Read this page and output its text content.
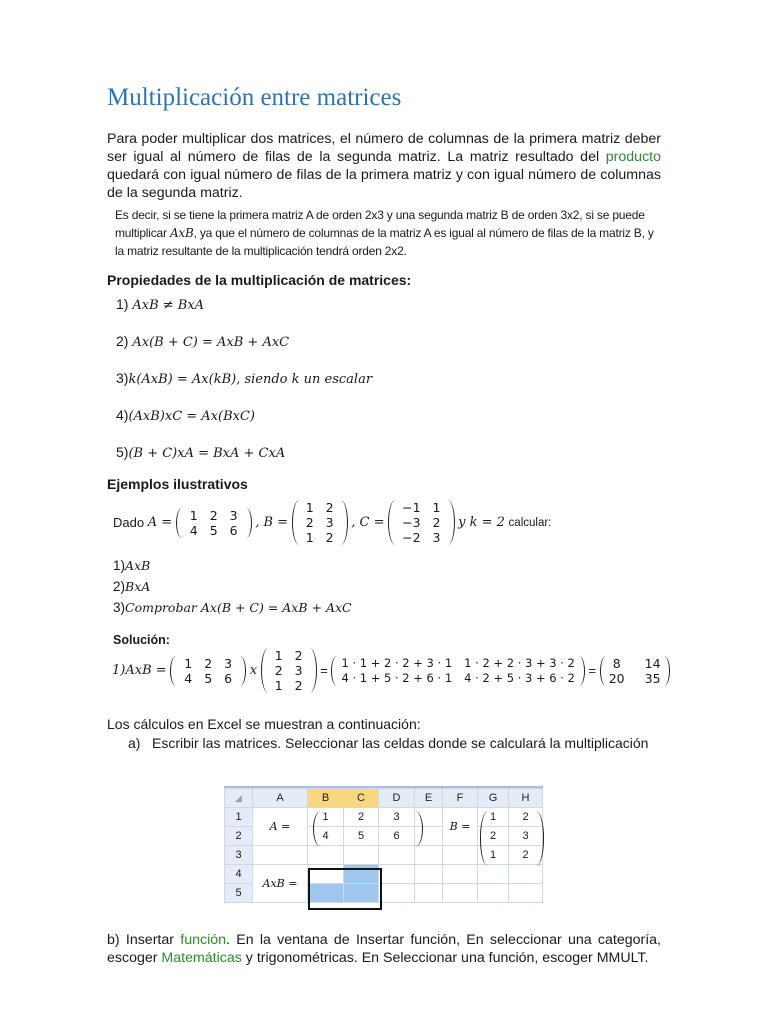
Multiplicación entre matrices
Para poder multiplicar dos matrices, el número de columnas de la primera matriz deber ser igual al número de filas de la segunda matriz. La matriz resultado del producto quedará con igual número de filas de la primera matriz y con igual número de columnas de la segunda matriz.
Es decir, si se tiene la primera matriz A de orden 2x3 y una segunda matriz B de orden 3x2, si se puede multiplicar AxB, ya que el número de columnas de la matriz A es igual al número de filas de la matriz B, y la matriz resultante de la multiplicación tendrá orden 2x2.
Propiedades de la multiplicación de matrices:
1) AxB ≠ BxA
2) Ax(B + C) = AxB + AxC
3)k(AxB) = Ax(kB), siendo k un escalar
4)(AxB)xC = Ax(BxC)
5)(B + C)xA = BxA + CxA
Ejemplos ilustrativos
Dado A = 1	2	3
4	5	6 , B =
1	2
2	3
1	2
, C =
−1	1
−3	2
−2	3
y k = 2 calcular:
1)AxB
2)BxA
3)Comprobar Ax(B + C) = AxB + AxC
Solución:
1)AxB = 1	2	3
4	5	6 x
1	2
2	3
1	2
=
1 · 1 + 2 · 2 + 3 · 1	1 · 2 + 2 · 3 + 3 · 2
4 · 1 + 5 · 2 + 6 · 1	4 · 2 + 5 · 3 + 6 · 2 = 8	14
20	35
Los cálculos en Excel se muestran a continuación:
a) Escribir las matrices. Seleccionar las celdas donde se calculará la multiplicación
◢	A	B	C	D	E	F	G	H
1	A =	1	2	3		B =	1	2
2		4	5	6			2	3
3							1	2
4	AxB =							
5								
b) Insertar función. En la ventana de Insertar función, En seleccionar una categoría, escoger Matemáticas y trigonométricas. En Seleccionar una función, escoger MMULT.
